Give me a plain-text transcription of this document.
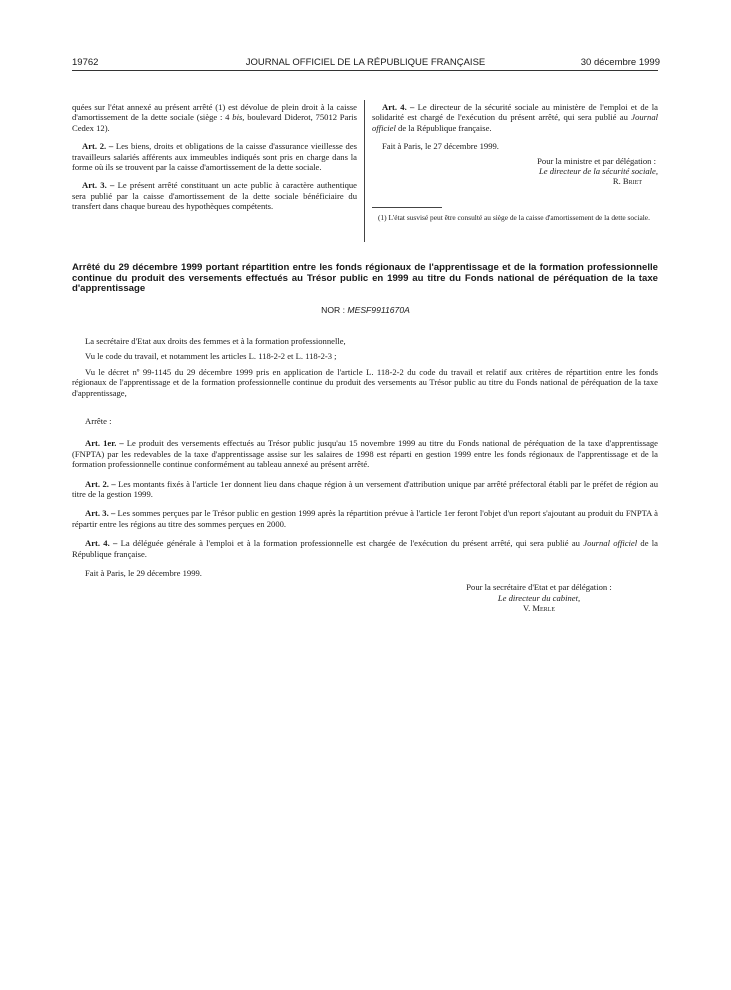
19762	JOURNAL OFFICIEL DE LA RÉPUBLIQUE FRANÇAISE	30 décembre 1999

quées sur l'état annexé au présent arrêté (1) est dévolue de plein droit à la caisse d'amortissement de la dette sociale (siège : 4 bis, boulevard Diderot, 75012 Paris Cedex 12).

Art. 2. – Les biens, droits et obligations de la caisse d'assurance vieillesse des travailleurs salariés afférents aux immeubles indiqués sont pris en charge dans la forme où ils se trouvent par la caisse d'amortissement de la dette sociale.

Art. 3. – Le présent arrêté constituant un acte public à caractère authentique sera publié par la caisse d'amortissement de la dette sociale bénéficiaire du transfert dans chaque bureau des hypothèques compétents.

Art. 4. – Le directeur de la sécurité sociale au ministère de l'emploi et de la solidarité est chargé de l'exécution du présent arrêté, qui sera publié au Journal officiel de la République française.

Fait à Paris, le 27 décembre 1999.

Pour la ministre et par délégation :

Le directeur de la sécurité sociale,

R. Briet

(1) L'état susvisé peut être consulté au siège de la caisse d'amortissement de la dette sociale.
Arrêté du 29 décembre 1999 portant répartition entre les fonds régionaux de l'apprentissage et de la formation professionnelle continue du produit des versements effectués au Trésor public en 1999 au titre du Fonds national de péréquation de la taxe d'apprentissage
NOR : MESF9911670A

La secrétaire d'Etat aux droits des femmes et à la formation professionnelle,

Vu le code du travail, et notamment les articles L. 118-2-2 et L. 118-2-3 ;

Vu le décret nº 99-1145 du 29 décembre 1999 pris en application de l'article L. 118-2-2 du code du travail et relatif aux critères de répartition entre les fonds régionaux de l'apprentissage et de la formation professionnelle continue du produit des versements au Trésor public au titre du Fonds national de péréquation de la taxe d'apprentissage,

Arrête :

Art. 1er. – Le produit des versements effectués au Trésor public jusqu'au 15 novembre 1999 au titre du Fonds national de péréquation de la taxe d'apprentissage (FNPTA) par les redevables de la taxe d'apprentissage assise sur les salaires de 1998 est réparti en gestion 1999 entre les fonds régionaux de l'apprentissage et de la formation professionnelle continue conformément au tableau annexé au présent arrêté.

Art. 2. – Les montants fixés à l'article 1er donnent lieu dans chaque région à un versement d'attribution unique par arrêté préfectoral établi par le préfet de région au titre de la gestion 1999.

Art. 3. – Les sommes perçues par le Trésor public en gestion 1999 après la répartition prévue à l'article 1er feront l'objet d'un report s'ajoutant au produit du FNPTA à répartir entre les régions au titre des sommes perçues en 2000.

Art. 4. – La déléguée générale à l'emploi et à la formation professionnelle est chargée de l'exécution du présent arrêté, qui sera publié au Journal officiel de la République française.

Fait à Paris, le 29 décembre 1999.

Pour la secrétaire d'Etat et par délégation :
Le directeur du cabinet,
V. Merle
